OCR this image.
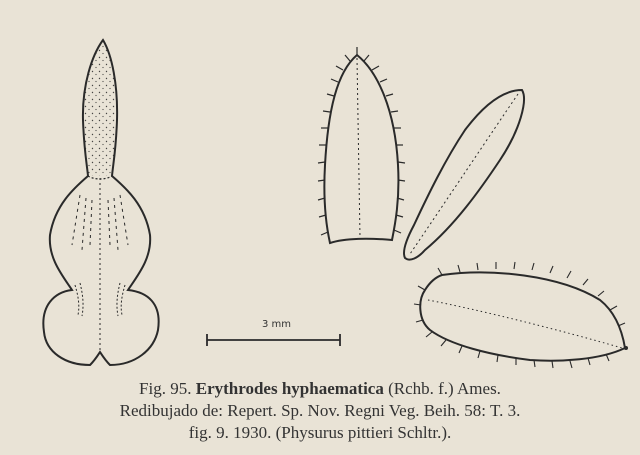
3 mm
Fig. 95. Erythrodes hyphaematica (Rchb. f.) Ames.
Redibujado de: Repert. Sp. Nov. Regni Veg. Beih. 58: T. 3.
fig. 9. 1930. (Physurus pittieri Schltr.).
